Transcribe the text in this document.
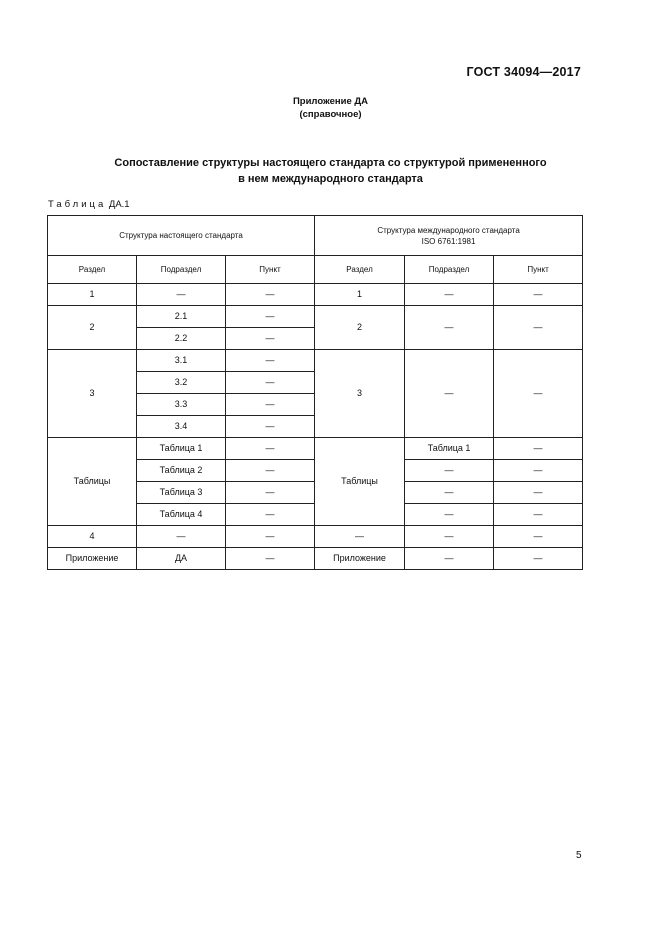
ГОСТ 34094—2017
Приложение ДА
(справочное)
Сопоставление структуры настоящего стандарта со структурой примененного
в нем международного стандарта
Таблица ДА.1
Структура настоящего стандарта			Структура международного стандарта
ISO 6761:1981		

Раздел	Подраздел	Пункт	Раздел	Подраздел	Пункт
1	—	—	1	—	—
2	2.1	—	2	—	—
	2.2	—			
3	3.1	—	3	—	—
	3.2	—			
	3.3	—			
	3.4	—			
Таблицы	Таблица 1	—	Таблицы	Таблица 1	—
	Таблица 2	—		—	—
	Таблица 3	—		—	—
	Таблица 4	—		—	—
4	—	—	—	—	—
Приложение	ДА	—	Приложение	—	—
5
